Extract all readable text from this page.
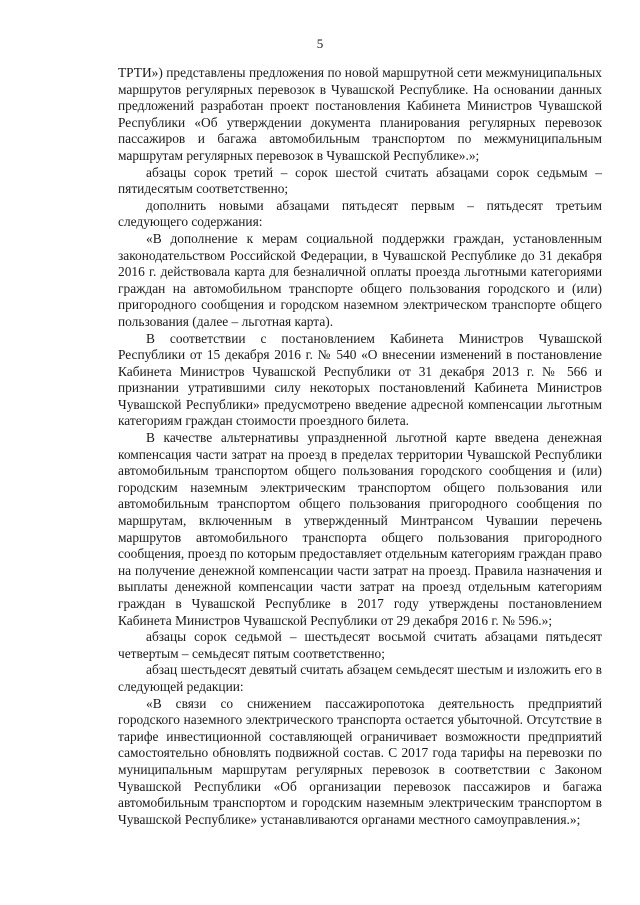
5

ТРТИ») представлены предложения по новой маршрутной сети межмуниципальных маршрутов регулярных перевозок в Чувашской Республике. На основании данных предложений разработан проект постановления Кабинета Министров Чувашской Республики «Об утверждении документа планирования регулярных перевозок пассажиров и багажа автомобильным транспортом по межмуниципальным маршрутам регулярных перевозок в Чувашской Республике».»;

абзацы сорок третий – сорок шестой считать абзацами сорок седьмым – пятидесятым соответственно;

дополнить новыми абзацами пятьдесят первым – пятьдесят третьим следующего содержания:

«В дополнение к мерам социальной поддержки граждан, установленным законодательством Российской Федерации, в Чувашской Республике до 31 декабря 2016 г. действовала карта для безналичной оплаты проезда льготными категориями граждан на автомобильном транспорте общего пользования городского и (или) пригородного сообщения и городском наземном электрическом транспорте общего пользования (далее – льготная карта).

В соответствии с постановлением Кабинета Министров Чувашской Республики от 15 декабря 2016 г. № 540 «О внесении изменений в постановление Кабинета Министров Чувашской Республики от 31 декабря 2013 г. № 566 и признании утратившими силу некоторых постановлений Кабинета Министров Чувашской Республики» предусмотрено введение адресной компенсации льготным категориям граждан стоимости проездного билета.

В качестве альтернативы упраздненной льготной карте введена денежная компенсация части затрат на проезд в пределах территории Чувашской Республики автомобильным транспортом общего пользования городского сообщения и (или) городским наземным электрическим транспортом общего пользования или автомобильным транспортом общего пользования пригородного сообщения по маршрутам, включенным в утвержденный Минтрансом Чувашии перечень маршрутов автомобильного транспорта общего пользования пригородного сообщения, проезд по которым предоставляет отдельным категориям граждан право на получение денежной компенсации части затрат на проезд. Правила назначения и выплаты денежной компенсации части затрат на проезд отдельным категориям граждан в Чувашской Республике в 2017 году утверждены постановлением Кабинета Министров Чувашской Республики от 29 декабря 2016 г. № 596.»;

абзацы сорок седьмой – шестьдесят восьмой считать абзацами пятьдесят четвертым – семьдесят пятым соответственно;

абзац шестьдесят девятый считать абзацем семьдесят шестым и изложить его в следующей редакции:

«В связи со снижением пассажиропотока деятельность предприятий городского наземного электрического транспорта остается убыточной. Отсутствие в тарифе инвестиционной составляющей ограничивает возможности предприятий самостоятельно обновлять подвижной состав. С 2017 года тарифы на перевозки по муниципальным маршрутам регулярных перевозок в соответствии с Законом Чувашской Республики «Об организации перевозок пассажиров и багажа автомобильным транспортом и городским наземным электрическим транспортом в Чувашской Республике» устанавливаются органами местного самоуправления.»;
